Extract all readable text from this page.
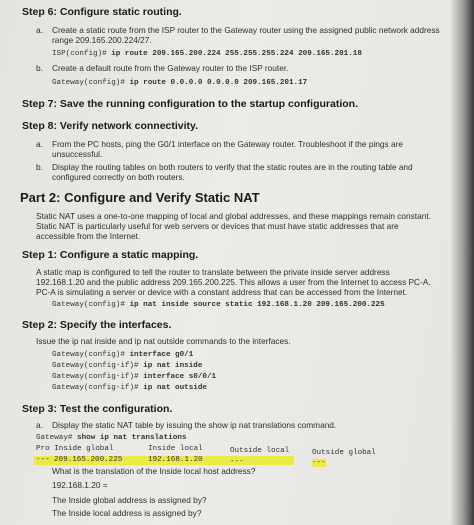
Step 6: Configure static routing.
a. Create a static route from the ISP router to the Gateway router using the assigned public network address
range 209.165.200.224/27.
ISP(config)# ip route 209.165.200.224 255.255.255.224 209.165.201.18
b. Create a default route from the Gateway router to the ISP router.
Gateway(config)# ip route 0.0.0.0 0.0.0.0 209.165.201.17
Step 7: Save the running configuration to the startup configuration.
Step 8: Verify network connectivity.
a. From the PC hosts, ping the G0/1 interface on the Gateway router. Troubleshoot if the pings are
unsuccessful.
b. Display the routing tables on both routers to verify that the static routes are in the routing table and
configured correctly on both routers.
Part 2: Configure and Verify Static NAT
Static NAT uses a one-to-one mapping of local and global addresses, and these mappings remain constant.
Static NAT is particularly useful for web servers or devices that must have static addresses that are
accessible from the Internet.
Step 1: Configure a static mapping.
A static map is configured to tell the router to translate between the private inside server address
192.168.1.20 and the public address 209.165.200.225. This allows a user from the Internet to access PC-A.
PC-A is simulating a server or device with a constant address that can be accessed from the Internet.
Gateway(config)# ip nat inside source static 192.168.1.20 209.165.200.225
Step 2: Specify the interfaces.
Issue the ip nat inside and ip nat outside commands to the interfaces.
Gateway(config)# interface g0/1
Gateway(config-if)# ip nat inside
Gateway(config-if)# interface s0/0/1
Gateway(config-if)# ip nat outside
Step 3: Test the configuration.
a. Display the static NAT table by issuing the show ip nat translations command.
Gateway# show ip nat translations
Pro Inside global	Inside local	Outside local	Outside global
--- 209.165.200.225	192.168.1.20	---	---
What is the translation of the Inside local host address?
192.168.1.20 =
The Inside global address is assigned by?
The Inside local address is assigned by?
